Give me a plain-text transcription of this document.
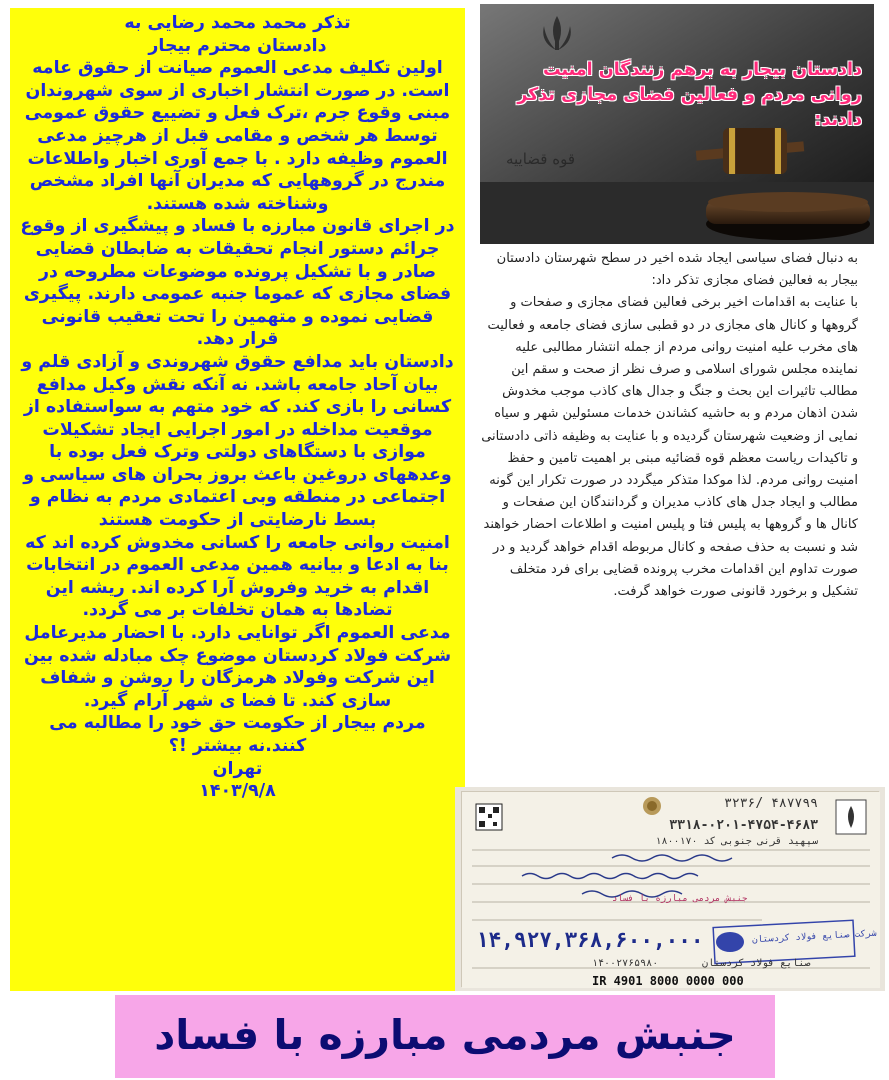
تذکر محمد محمد رضایی به

دادستان محترم بیجار

اولین تکلیف مدعی العموم صیانت از حقوق عامه است. در صورت انتشار اخباری از سوی شهروندان مبنی وقوع جرم ،ترک فعل و تضییع حقوق عمومی توسط هر شخص و مقامی قبل از هرچیز مدعی العموم وظیفه دارد . با جمع آوری اخبار واطلاعات مندرج در گروههایی که مدیران آنها افراد مشخص وشناخته شده هستند.

در اجرای قانون مبارزه با فساد و پیشگیری از وقوع جرائم دستور انجام تحقیقات به ضابطان قضایی صادر و با تشکیل پرونده موضوعات مطروحه در فضای مجازی که عموما جنبه عمومی دارند. پیگیری قضایی نموده و متهمین را تحت تعقیب قانونی قرار دهد.

دادستان باید مدافع حقوق شهروندی و آزادی قلم و بیان آحاد جامعه باشد. نه آنکه نقش وکیل مدافع کسانی را بازی کند. که خود متهم به سواستفاده از موقعیت مداخله در امور اجرایی ایجاد تشکیلات موازی با دستگاهای دولتی وترک فعل بوده با وعدههای دروغین باعث بروز بحران های سیاسی و اجتماعی در منطقه وبی اعتمادی مردم به نظام و بسط نارضایتی از حکومت هستند

امنیت روانی جامعه را کسانی مخدوش کرده اند که بنا به ادعا و بیانیه همین مدعی العموم در انتخابات اقدام به خرید وفروش آرا کرده اند. ریشه این تضادها به همان تخلفات بر می گردد.

مدعی العموم اگر توانایی دارد. با احضار مدیرعامل شرکت فولاد کردستان موضوع چک مبادله شده بین این شرکت وفولاد هرمزگان را روشن و شفاف سازی کند. تا فضا ی شهر آرام گیرد.

مردم بیجار از حکومت حق خود را مطالبه می کنند.نه بیشتر !؟

تهران

۱۴۰۳/۹/۸

قوه قضاییه
دادستان بیجار به برهم زنندگان امنیت روانی مردم و فعالین فضای مجازی تذکر دادند:

به دنبال فضای سیاسی ایجاد شده اخیر در سطح شهرستان دادستان بیجار به فعالین فضای مجازی تذکر داد:

با عنایت به اقدامات اخیر برخی فعالین فضای مجازی و صفحات و گروهها و کانال های مجازی در دو قطبی سازی فضای جامعه و فعالیت های مخرب علیه امنیت روانی مردم از جمله انتشار مطالبی علیه نماینده مجلس شورای اسلامی و صرف نظر از صحت و سقم این مطالب تاثیرات این بحث و جنگ و جدال های کاذب موجب مخدوش شدن اذهان مردم و به حاشیه کشاندن خدمات مسئولین شهر و سیاه نمایی از وضعیت شهرستان گردیده و با عنایت به وظیفه ذاتی دادستانی و تاکیدات ریاست معظم قوه قضائیه مبنی بر اهمیت تامین و حفظ امنیت روانی مردم. لذا موکدا متذکر میگردد در صورت تکرار این گونه مطالب و ایجاد جدل های کاذب مدیران و گردانندگان این صفحات و کانال ها و گروهها به پلیس فتا و پلیس امنیت و اطلاعات احضار خواهند شد و نسبت به حذف صفحه و کانال مربوطه اقدام خواهد گردید و در صورت تداوم این اقدامات مخرب پرونده قضایی برای فرد متخلف تشکیل و برخورد قانونی صورت خواهد گرفت.

۳۲۳۶/ ۴۸۷۷۹۹
۳۳۱۸-۰۲۰۱-۴۷۵۴-۴۶۸۳
سپهید قرنی جنوبی کد ۱۸۰۰۱۷۰
۱۴,۹۲۷,۳۶۸,۶۰۰,۰۰۰	شرکت صنایع فولاد کردستان
جنبش مردمی مبارزه با فساد
صنایع فولاد کردستان
۱۴۰۰۲۷۶۵۹۸۰
IR 4901 8000 0000 000
جنبش مردمی مبارزه با فساد
